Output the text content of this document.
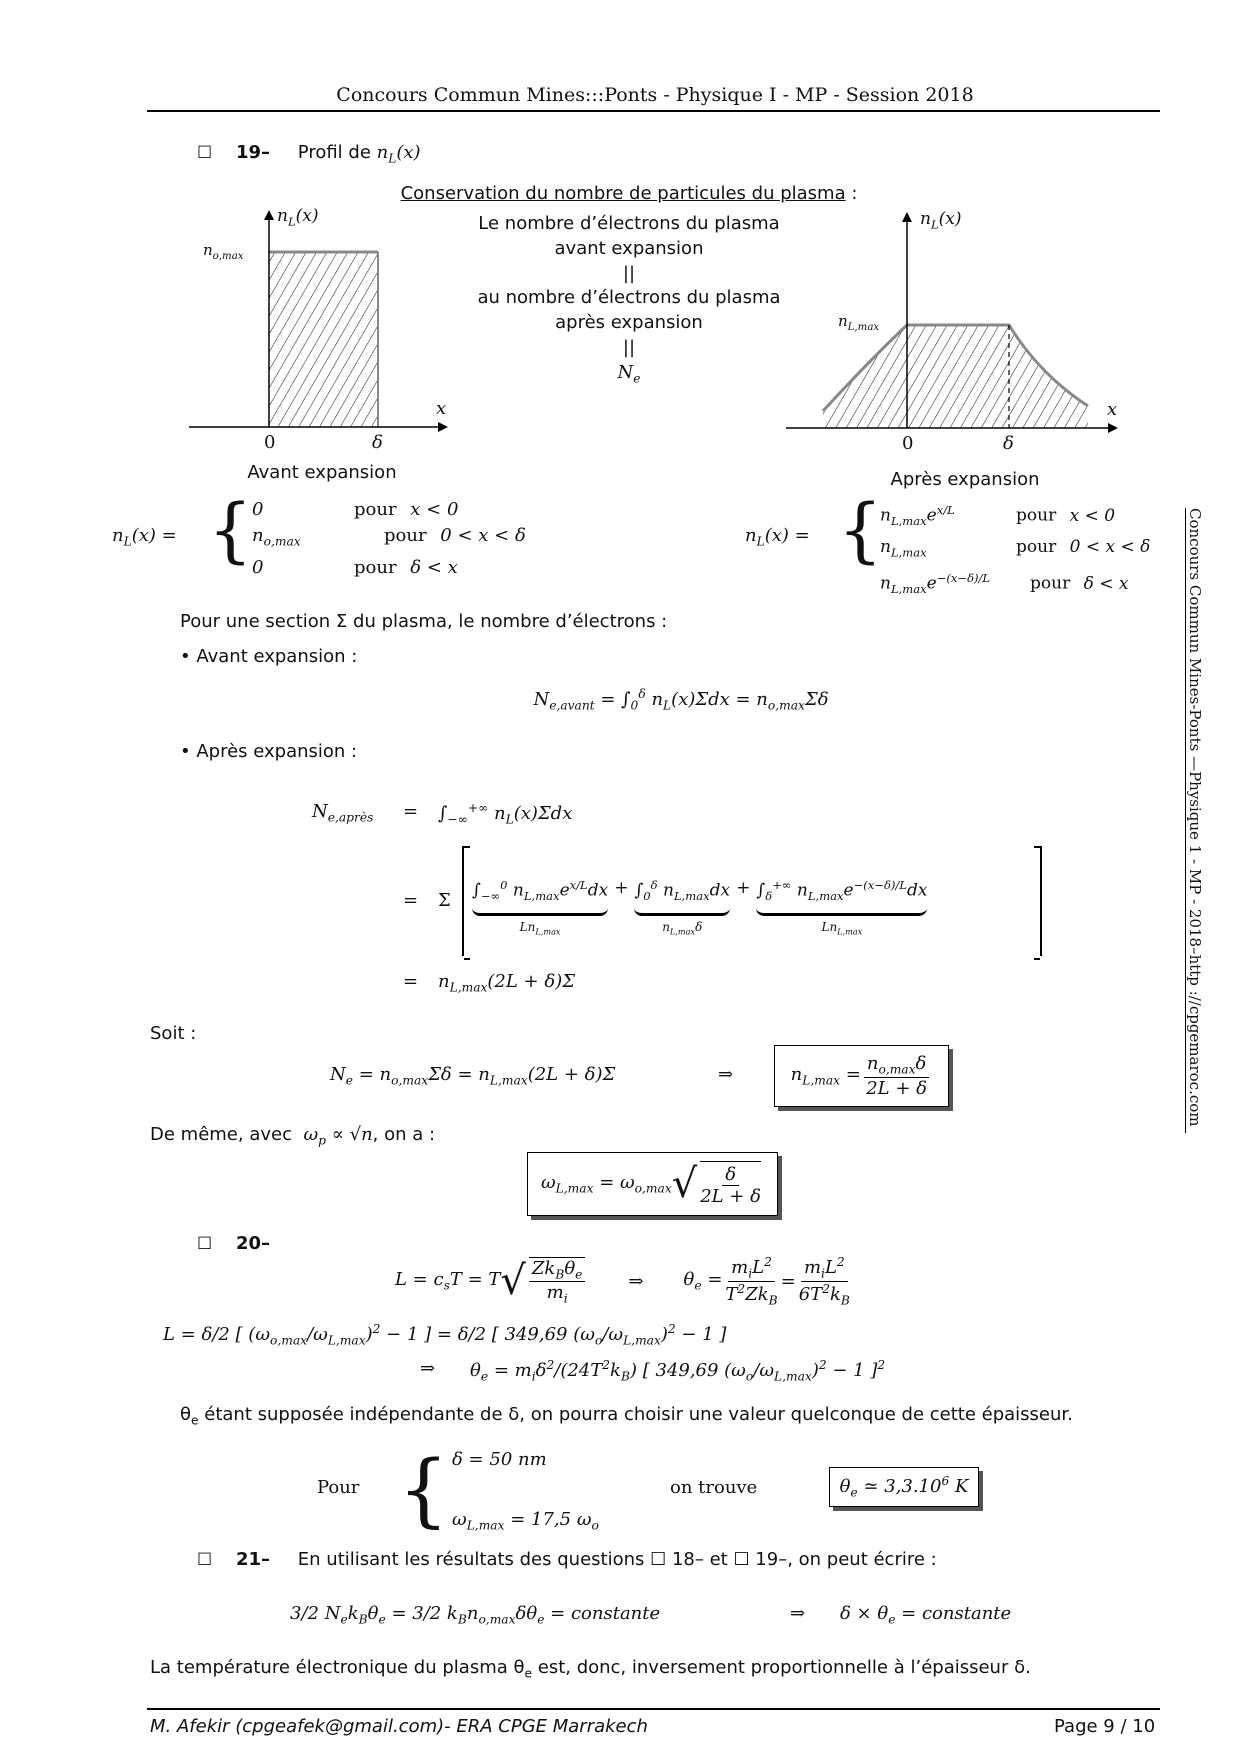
Concours Commun Mines:::Ponts - Physique I - MP - Session 2018
Concours Commun Mines-Ponts —Physique 1 - MP - 2018–http ://cpgemaroc.com
☐ 19– Profil de $n_L(x)$
Conservation du nombre de particules du plasma :
Le nombre d’électrons du plasma
avant expansion
||
au nombre d’électrons du plasma
après expansion
||
$N_e$
$n_L(x)$
$n_{o,max}$
x
0	δ
Avant expansion
$n_L(x)$
$n_{L,max}$
x
0	δ
Après expansion
$n_L(x)$ = { 0	pour x < 0
$n_{o,max}$	pour 0 < x < δ
0	pour δ < x
$n_L(x)$ = {
$n_{L,max}e^{x/L}$	pour x < 0
$n_{L,max}$	pour 0 < x < δ
$n_{L,max}e^{-(x-\delta)/L}$ pour δ < x
Pour une section Σ du plasma, le nombre d’électrons :
• Avant expansion :
$N_{e,avant} = \int_0^\delta$ $n_L(x)\Sigma dx = n_{o,max}\Sigma\delta$
• Après expansion :
$N_{e,après} = \int_{-\infty}^{+\infty}$ $n_L(x)\Sigma dx$
= Σ $\int_{-\infty}^0$ $n_{L,max}e^{x/L}dx$
$Ln_{L,max}$
+ $\int_0^\delta$ $n_{L,max}dx$
$n_{L,max}\delta$
+ $\int_\delta^{+\infty}$ $n_{L,max}e^{-(x-\delta)/L}dx$
$Ln_{L,max}$
= $n_{L,max}(2L + \delta)\Sigma$
Soit :
$N_e = n_{o,max}\Sigma\delta = n_{L,max}(2L + \delta)\Sigma$	⇒	$n_{L,max} = \frac{n_{o,max}\delta}{2L + \delta}$
De même, avec $\omega_p \propto √n$, on a :
$\omega_{L,max} = \omega_{o,max}$ √ $\frac{\delta}{2L + \delta}$
☐ 20–
$L = c_sT = T$ √ $\frac{Zk_B\theta_e}{m_i}$ ⇒ $\theta_e = \frac{m_iL^2}{T^2Zk_B} = \frac{m_iL^2}{6T^2k_B}$
L = δ/2 [ $(\omega_{o,max}/\omega_{L,max})^2 - 1$ ] = δ/2 [ 349,69 $(\omega_o/\omega_{L,max})^2 - 1$ ]
⇒ $\theta_e = m_i\delta^2/(24T^2k_B)$ [ 349,69 $(\omega_o/\omega_{L,max})^2 - 1$ ]$^2$
$\theta_e$ étant supposée indépendante de δ, on pourra choisir une valeur quelconque de cette épaisseur.
Pour { δ = 50 nm
$\omega_{L,max} = 17,5$ $\omega_o$
on trouve	$\theta_e$ ≃ 3,3.10$^6$ K
☐ 21– En utilisant les résultats des questions ☐ 18– et ☐ 19–, on peut écrire :
3/2 $N_ek_B\theta_e = 3/2$ $k_Bn_{o,max}\delta\theta_e$ = constante	⇒ $\delta \times \theta_e$ = constante
La température électronique du plasma $\theta_e$ est, donc, inversement proportionnelle à l’épaisseur δ.
M. Afekir (cpgeafek@gmail.com)- ERA CPGE Marrakech	Page 9 / 10
